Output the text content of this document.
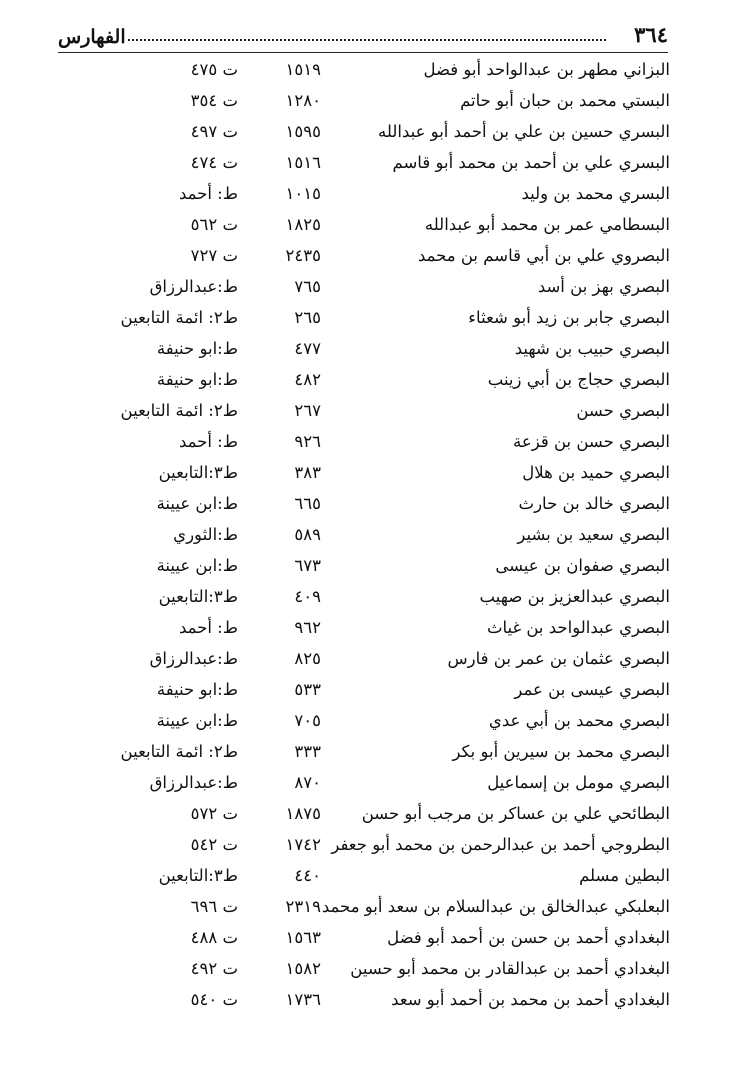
٣٦٤
الفهارس
البزاني مطهر بن عبدالواحد أبو فضل
١٥١٩
ت ٤٧٥
البستي محمد بن حبان أبو حاتم
١٢٨٠
ت ٣٥٤
البسري حسين بن علي بن أحمد أبو عبدالله
١٥٩٥
ت ٤٩٧
البسري علي بن أحمد بن محمد أبو قاسم
١٥١٦
ت ٤٧٤
البسري محمد بن وليد
١٠١٥
ط: أحمد
البسطامي عمر بن محمد أبو عبدالله
١٨٢٥
ت ٥٦٢
البصروي علي بن أبي قاسم بن محمد
٢٤٣٥
ت ٧٢٧
البصري بهز بن أسد
٧٦٥
ط:عبدالرزاق
البصري جابر بن زيد أبو شعثاء
٢٦٥
ط٢: ائمة التابعين
البصري حبيب بن شهيد
٤٧٧
ط:ابو حنيفة
البصري حجاج بن أبي زينب
٤٨٢
ط:ابو حنيفة
البصري حسن
٢٦٧
ط٢: ائمة التابعين
البصري حسن بن قزعة
٩٢٦
ط: أحمد
البصري حميد بن هلال
٣٨٣
ط٣:التابعين
البصري خالد بن حارث
٦٦٥
ط:ابن عيينة
البصري سعيد بن بشير
٥٨٩
ط:الثوري
البصري صفوان بن عيسى
٦٧٣
ط:ابن عيينة
البصري عبدالعزيز بن صهيب
٤٠٩
ط٣:التابعين
البصري عبدالواحد بن غياث
٩٦٢
ط: أحمد
البصري عثمان بن عمر بن فارس
٨٢٥
ط:عبدالرزاق
البصري عيسى بن عمر
٥٣٣
ط:ابو حنيفة
البصري محمد بن أبي عدي
٧٠٥
ط:ابن عيينة
البصري محمد بن سيرين أبو بكر
٣٣٣
ط٢: ائمة التابعين
البصري مومل بن إسماعيل
٨٧٠
ط:عبدالرزاق
البطائحي علي بن عساكر بن مرجب أبو حسن
١٨٧٥
ت ٥٧٢
البطروجي أحمد بن عبدالرحمن بن محمد أبو جعفر
١٧٤٢
ت ٥٤٢
البطين مسلم
٤٤٠
ط٣:التابعين
البعلبكي عبدالخالق بن عبدالسلام بن سعد أبو محمد
٢٣١٩
ت ٦٩٦
البغدادي أحمد بن حسن بن أحمد أبو فضل
١٥٦٣
ت ٤٨٨
البغدادي أحمد بن عبدالقادر بن محمد أبو حسين
١٥٨٢
ت ٤٩٢
البغدادي أحمد بن محمد بن أحمد أبو سعد
١٧٣٦
ت ٥٤٠
